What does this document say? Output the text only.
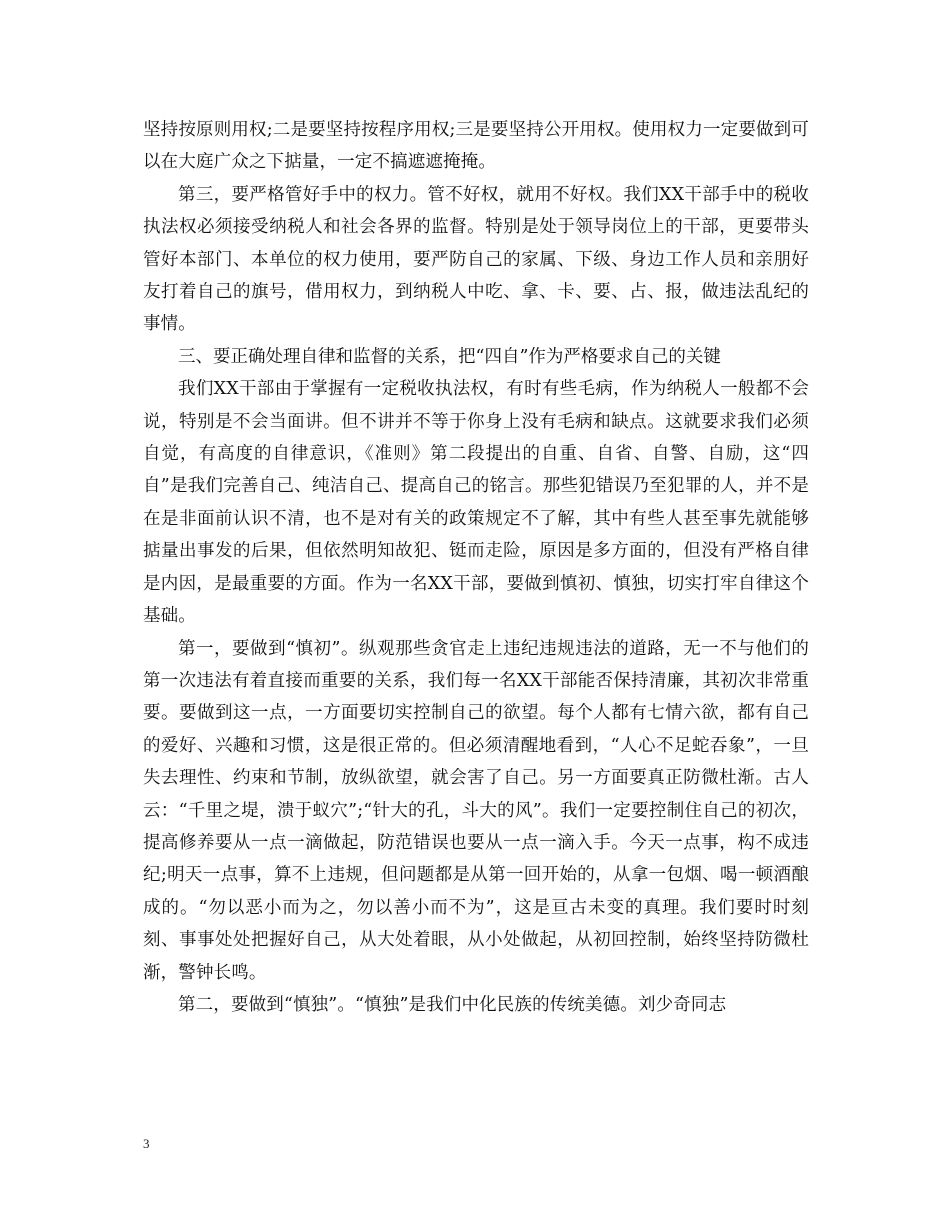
坚持按原则用权;二是要坚持按程序用权;三是要坚持公开用权。使用权力一定要做到可以在大庭广众之下掂量，一定不搞遮遮掩掩。

第三，要严格管好手中的权力。管不好权，就用不好权。我们XX干部手中的税收执法权必须接受纳税人和社会各界的监督。特别是处于领导岗位上的干部，更要带头管好本部门、本单位的权力使用，要严防自己的家属、下级、身边工作人员和亲朋好友打着自己的旗号，借用权力，到纳税人中吃、拿、卡、要、占、报，做违法乱纪的事情。

三、要正确处理自律和监督的关系，把“四自”作为严格要求自己的关键

我们XX干部由于掌握有一定税收执法权，有时有些毛病，作为纳税人一般都不会说，特别是不会当面讲。但不讲并不等于你身上没有毛病和缺点。这就要求我们必须自觉，有高度的自律意识，《准则》第二段提出的自重、自省、自警、自励，这“四自”是我们完善自己、纯洁自己、提高自己的铭言。那些犯错误乃至犯罪的人，并不是在是非面前认识不清，也不是对有关的政策规定不了解，其中有些人甚至事先就能够掂量出事发的后果，但依然明知故犯、铤而走险，原因是多方面的，但没有严格自律是内因，是最重要的方面。作为一名XX干部，要做到慎初、慎独，切实打牢自律这个基础。

第一，要做到“慎初”。纵观那些贪官走上违纪违规违法的道路，无一不与他们的第一次违法有着直接而重要的关系，我们每一名XX干部能否保持清廉，其初次非常重要。要做到这一点，一方面要切实控制自己的欲望。每个人都有七情六欲，都有自己的爱好、兴趣和习惯，这是很正常的。但必须清醒地看到，“人心不足蛇吞象”，一旦失去理性、约束和节制，放纵欲望，就会害了自己。另一方面要真正防微杜渐。古人云：“千里之堤，溃于蚁穴”;“针大的孔，斗大的风”。我们一定要控制住自己的初次，提高修养要从一点一滴做起，防范错误也要从一点一滴入手。今天一点事，构不成违纪;明天一点事，算不上违规，但问题都是从第一回开始的，从拿一包烟、喝一顿酒酿成的。“勿以恶小而为之，勿以善小而不为”，这是亘古未变的真理。我们要时时刻刻、事事处处把握好自己，从大处着眼，从小处做起，从初回控制，始终坚持防微杜渐，警钟长鸣。

第二，要做到“慎独”。“慎独”是我们中化民族的传统美德。刘少奇同志

3
